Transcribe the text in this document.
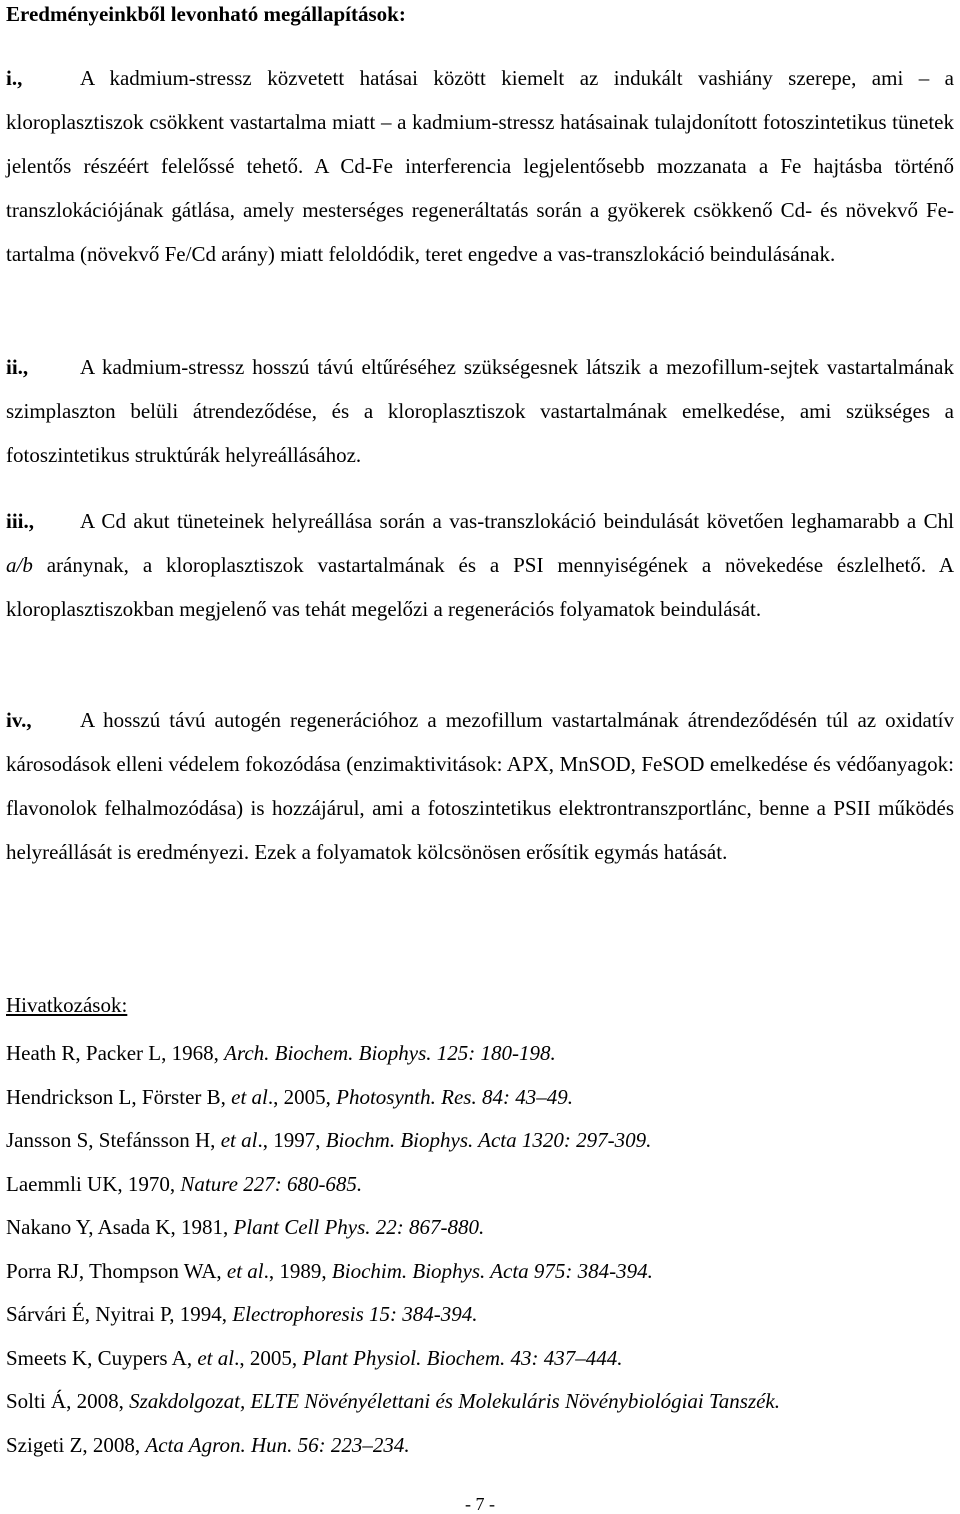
Eredményeinkből levonható megállapítások:

i.,	A kadmium-stressz közvetett hatásai között kiemelt az indukált vashiány szerepe, ami – a kloroplasztiszok csökkent vastartalma miatt – a kadmium-stressz hatásainak tulajdonított fotoszintetikus tünetek jelentős részéért felelőssé tehető. A Cd-Fe interferencia legjelentősebb mozzanata a Fe hajtásba történő transzlokációjának gátlása, amely mesterséges regeneráltatás során a gyökerek csökkenő Cd- és növekvő Fe-tartalma (növekvő Fe/Cd arány) miatt feloldódik, teret engedve a vas-transzlokáció beindulásának.

ii., A kadmium-stressz hosszú távú eltűréséhez szükségesnek látszik a mezofillum-sejtek vastartalmának szimplaszton belüli átrendeződése, és a kloroplasztiszok vastartalmának emelkedése, ami szükséges a fotoszintetikus struktúrák helyreállásához.

iii., A Cd akut tüneteinek helyreállása során a vas-transzlokáció beindulását követően leghamarabb a Chl a/b aránynak, a kloroplasztiszok vastartalmának és a PSI mennyiségének a növekedése észlelhető. A kloroplasztiszokban megjelenő vas tehát megelőzi a regenerációs folyamatok beindulását.

iv., A hosszú távú autogén regenerációhoz a mezofillum vastartalmának átrendeződésén túl az oxidatív károsodások elleni védelem fokozódása (enzimaktivitások: APX, MnSOD, FeSOD emelkedése és védőanyagok: flavonolok felhalmozódása) is hozzájárul, ami a fotoszintetikus elektrontranszportlánc, benne a PSII működés helyreállását is eredményezi. Ezek a folyamatok kölcsönösen erősítik egymás hatását.

Hivatkozások:

Heath R, Packer L, 1968, Arch. Biochem. Biophys. 125: 180-198.
Hendrickson L, Förster B, et al., 2005, Photosynth. Res. 84: 43–49.
Jansson S, Stefánsson H, et al., 1997, Biochm. Biophys. Acta 1320: 297-309.
Laemmli UK, 1970, Nature 227: 680-685.
Nakano Y, Asada K, 1981, Plant Cell Phys. 22: 867-880.
Porra RJ, Thompson WA, et al., 1989, Biochim. Biophys. Acta 975: 384-394.
Sárvári É, Nyitrai P, 1994, Electrophoresis 15: 384-394.
Smeets K, Cuypers A, et al., 2005, Plant Physiol. Biochem. 43: 437–444.
Solti Á, 2008, Szakdolgozat, ELTE Növényélettani és Molekuláris Növénybiológiai Tanszék.
Szigeti Z, 2008, Acta Agron. Hun. 56: 223–234.
- 7 -
